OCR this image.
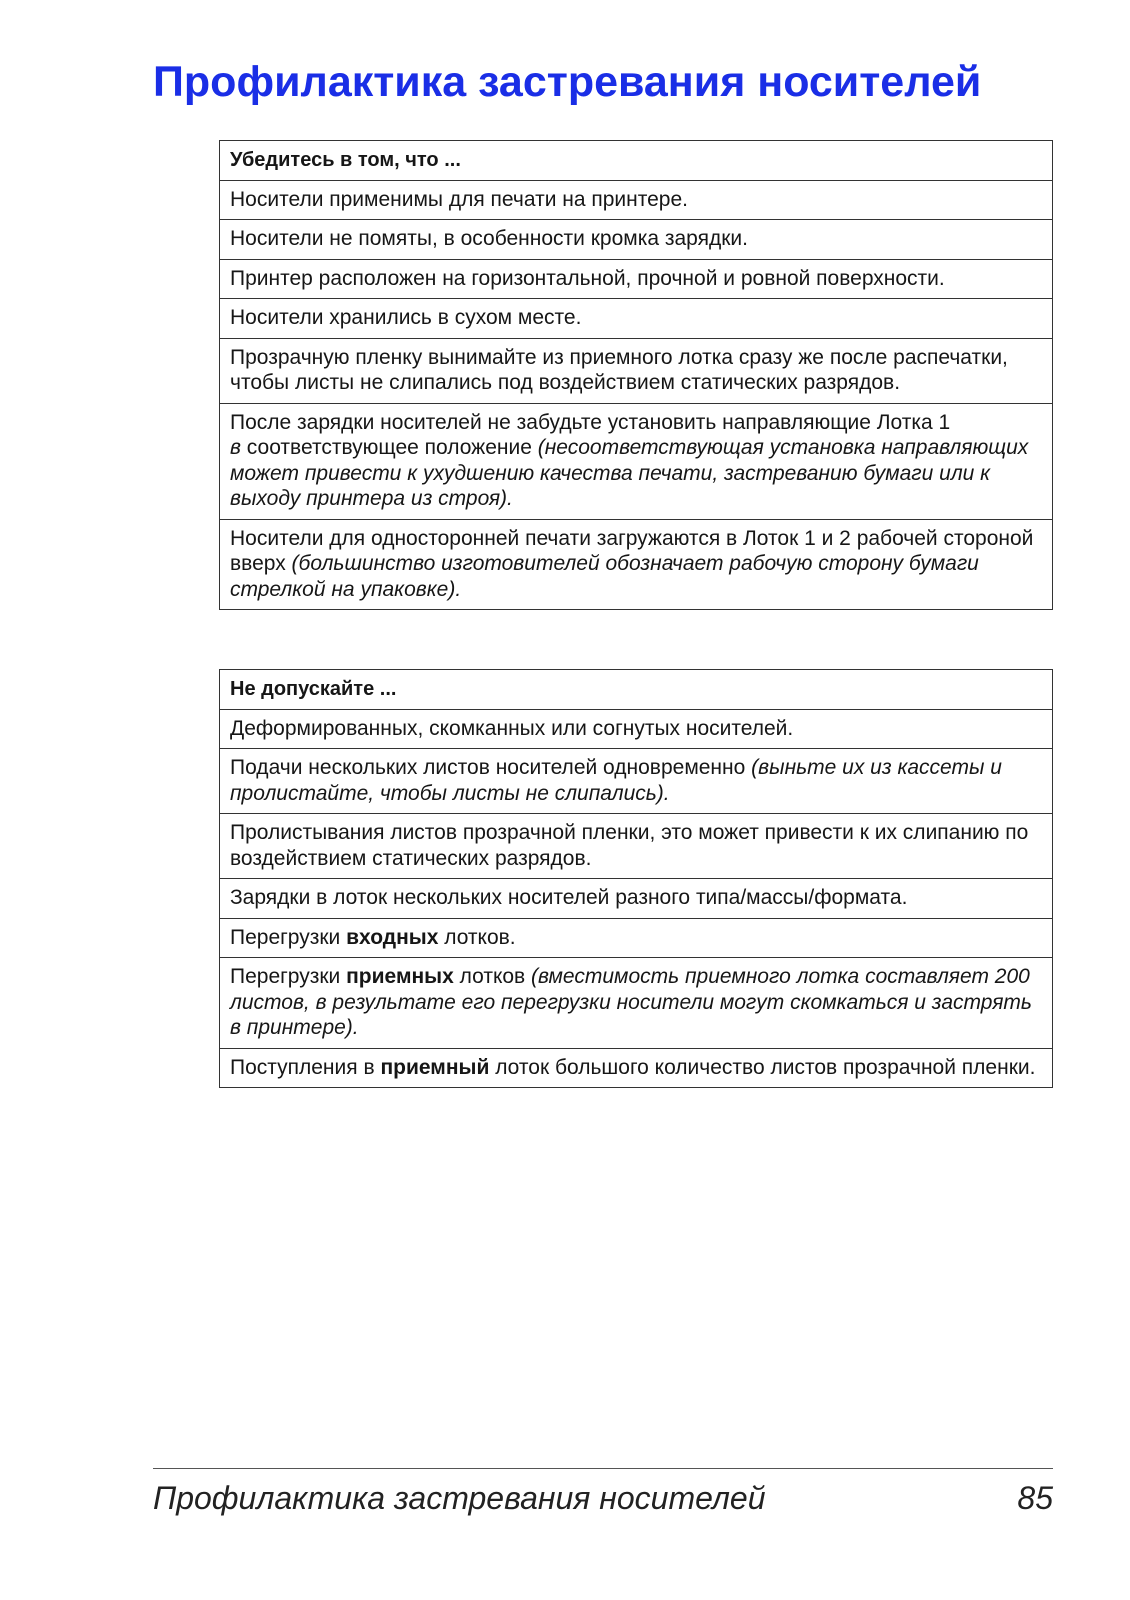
Профилактика застревания носителей
Убедитесь в том, что ...
Носители применимы для печати на принтере.
Носители не помяты, в особенности кромка зарядки.
Принтер расположен на горизонтальной, прочной и ровной поверхности.
Носители хранились в сухом месте.
Прозрачную пленку вынимайте из приемного лотка сразу же после распечатки, чтобы листы не слипались под воздействием статических разрядов.
После зарядки носителей не забудьте установить направляющие Лотка 1
в соответствующее положение (несоответствующая установка направляющих может привести к ухудшению качества печати, застреванию бумаги или к выходу принтера из строя).
Носители для односторонней печати загружаются в Лоток 1 и 2 рабочей стороной вверх (большинство изготовителей обозначает рабочую сторону бумаги стрелкой на упаковке).
Не допускайте ...
Деформированных, скомканных или согнутых носителей.
Подачи нескольких листов носителей одновременно (выньте их из кассеты и пролистайте, чтобы листы не слипались).
Пролистывания листов прозрачной пленки, это может привести к их слипанию по воздействием статических разрядов.
Зарядки в лоток нескольких носителей разного типа/массы/формата.
Перегрузки входных лотков.
Перегрузки приемных лотков (вместимость приемного лотка составляет 200 листов, в результате его перегрузки носители могут скомкаться и застрять в принтере).
Поступления в приемный лоток большого количество листов прозрачной пленки.
Профилактика застревания носителей	85
